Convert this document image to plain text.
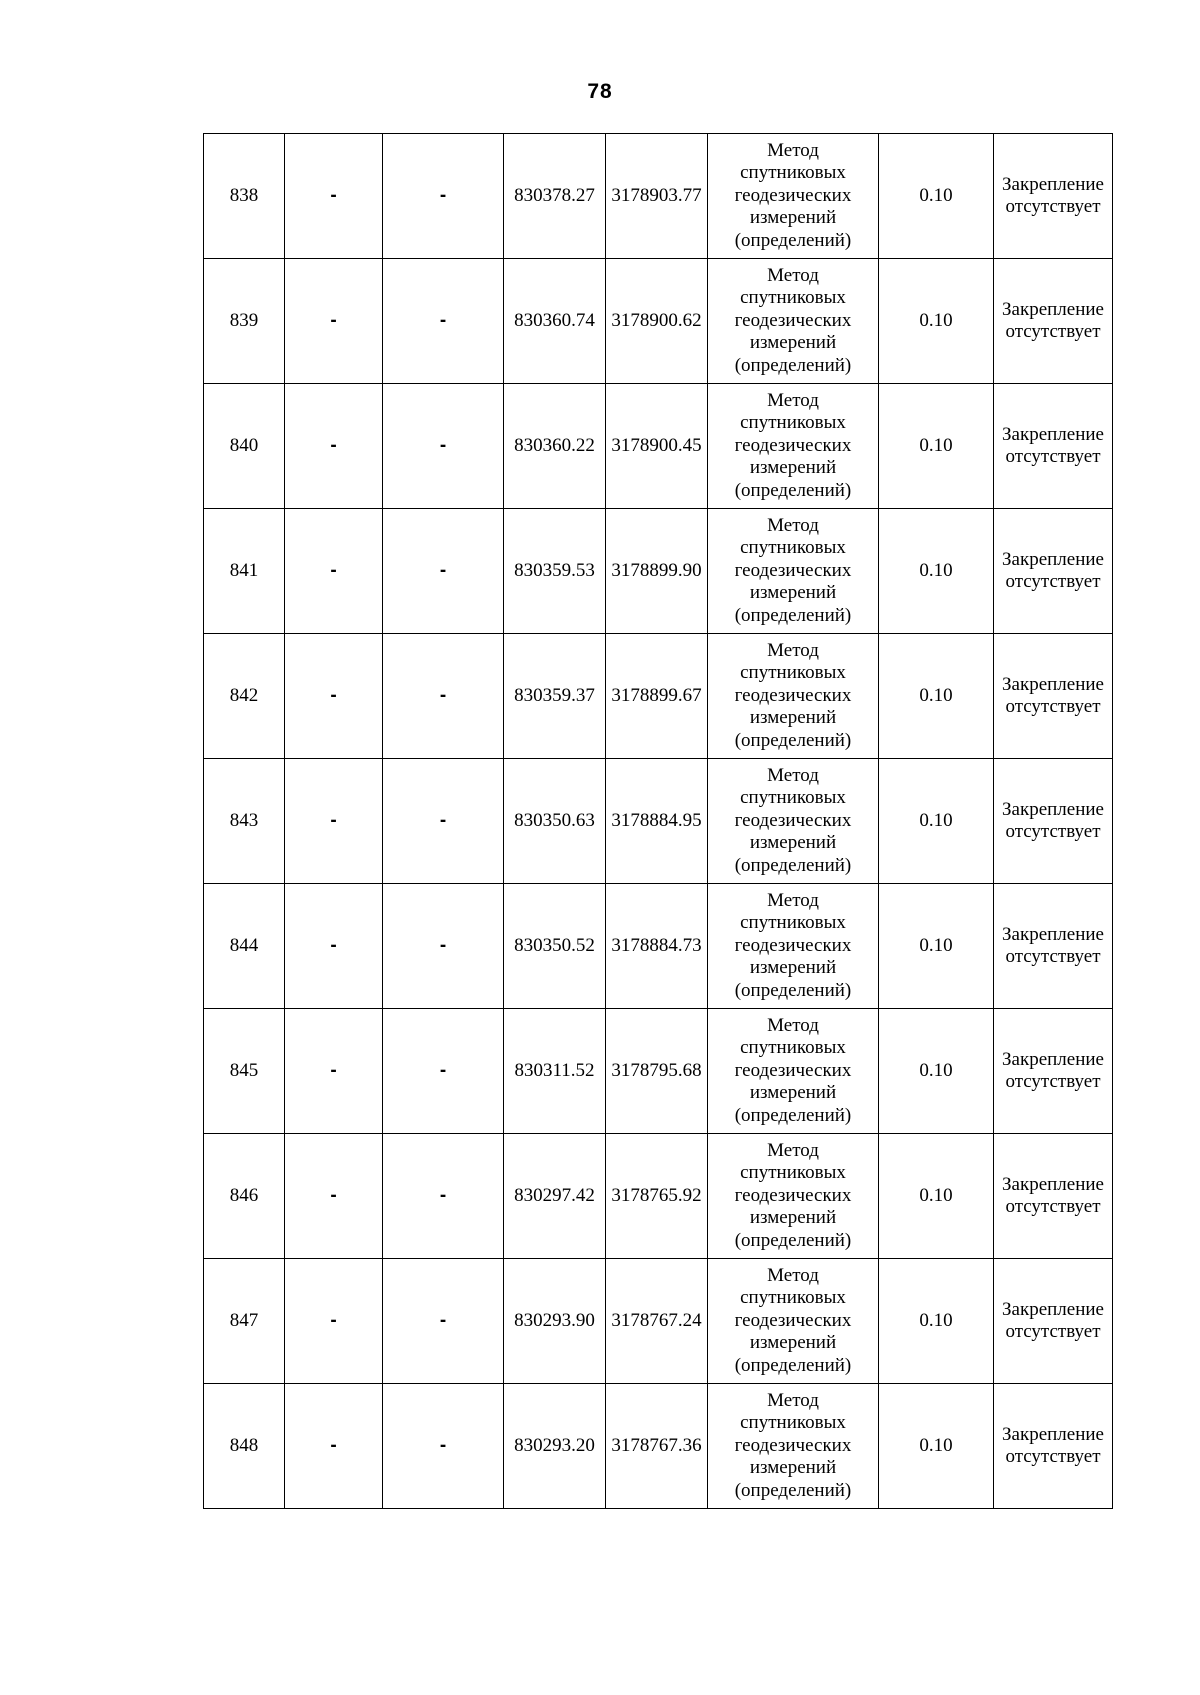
78
838	-	-	830378.27	3178903.77	Метод
спутниковых
геодезических
измерений
(определений)	0.10	Закрепление
отсутствует

839	-	-	830360.74	3178900.62	Метод
спутниковых
геодезических
измерений
(определений)	0.10	Закрепление
отсутствует

840	-	-	830360.22	3178900.45	Метод
спутниковых
геодезических
измерений
(определений)	0.10	Закрепление
отсутствует

841	-	-	830359.53	3178899.90	Метод
спутниковых
геодезических
измерений
(определений)	0.10	Закрепление
отсутствует

842	-	-	830359.37	3178899.67	Метод
спутниковых
геодезических
измерений
(определений)	0.10	Закрепление
отсутствует

843	-	-	830350.63	3178884.95	Метод
спутниковых
геодезических
измерений
(определений)	0.10	Закрепление
отсутствует

844	-	-	830350.52	3178884.73	Метод
спутниковых
геодезических
измерений
(определений)	0.10	Закрепление
отсутствует

845	-	-	830311.52	3178795.68	Метод
спутниковых
геодезических
измерений
(определений)	0.10	Закрепление
отсутствует

846	-	-	830297.42	3178765.92	Метод
спутниковых
геодезических
измерений
(определений)	0.10	Закрепление
отсутствует

847	-	-	830293.90	3178767.24	Метод
спутниковых
геодезических
измерений
(определений)	0.10	Закрепление
отсутствует

848	-	-	830293.20	3178767.36	Метод
спутниковых
геодезических
измерений
(определений)	0.10	Закрепление
отсутствует
